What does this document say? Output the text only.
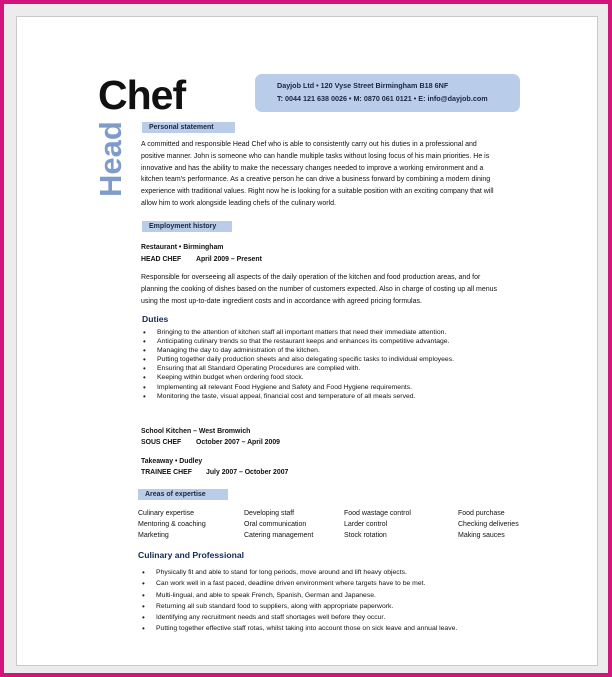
Chef
Head
Dayjob Ltd • 120 Vyse Street Birmingham B18 6NF
T: 0044 121 638 0026 • M: 0870 061 0121 • E: info@dayjob.com
Personal statement
A committed and responsible Head Chef who is able to consistently carry out his duties in a professional and
positive manner. John is someone who can handle multiple tasks without losing focus of his main priorities. He is
innovative and has the ability to make the necessary changes needed to improve a working environment and a
kitchen team's performance. As a creative person he can drive a business forward by combining a modern dining
experience with traditional values. Right now he is looking for a suitable position with an exciting company that will
allow him to work alongside leading chefs of the culinary world.
Employment history
Restaurant • Birmingham
HEAD CHEF April 2009 – Present
Responsible for overseeing all aspects of the daily operation of the kitchen and food production areas, and for
planning the cooking of dishes based on the number of customers expected. Also in charge of costing up all menus
using the most up-to-date ingredient costs and in accordance with agreed pricing formulas.
Duties
• Bringing to the attention of kitchen staff all important matters that need their immediate attention.
• Anticipating culinary trends so that the restaurant keeps and enhances its competitive advantage.
• Managing the day to day administration of the kitchen.
• Putting together daily production sheets and also delegating specific tasks to individual employees.
• Ensuring that all Standard Operating Procedures are complied with.
• Keeping within budget when ordering food stock.
• Implementing all relevant Food Hygiene and Safety and Food Hygiene requirements.
• Monitoring the taste, visual appeal, financial cost and temperature of all meals served.
School Kitchen – West Bromwich
SOUS CHEF October 2007 – April 2009
Takeaway • Dudley
TRAINEE CHEF July 2007 – October 2007
Areas of expertise
Culinary expertise
Mentoring & coaching
Marketing
Developing staff
Oral communication
Catering management
Food wastage control
Larder control
Stock rotation
Food purchase
Checking deliveries
Making sauces
Culinary and Professional
• Physically fit and able to stand for long periods, move around and lift heavy objects.
• Can work well in a fast paced, deadline driven environment where targets have to be met.
• Multi-lingual, and able to speak French, Spanish, German and Japanese.
• Returning all sub standard food to suppliers, along with appropriate paperwork.
• Identifying any recruitment needs and staff shortages well before they occur.
• Putting together effective staff rotas, whilst taking into account those on sick leave and annual leave.
